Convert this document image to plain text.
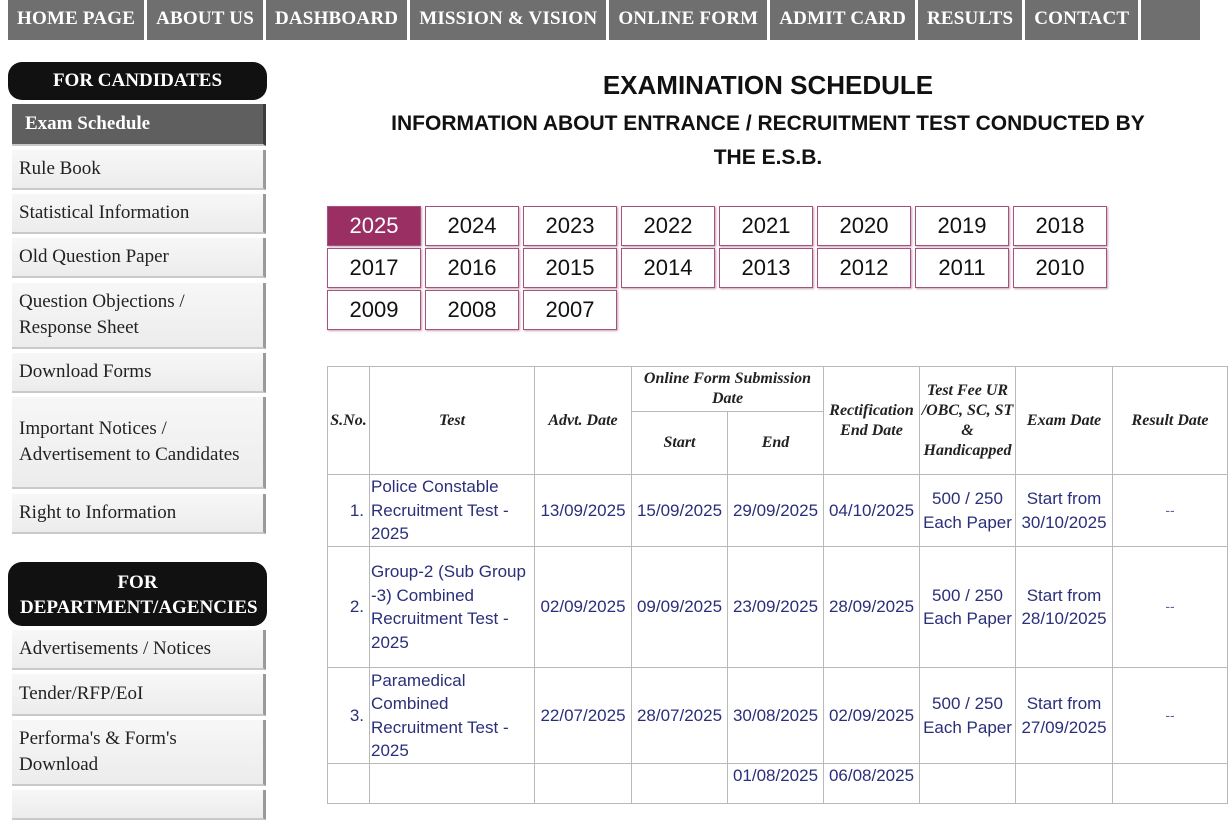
HOME PAGE	ABOUT US	DASHBOARD	MISSION & VISION	ONLINE FORM	ADMIT CARD	RESULTS	CONTACT
FOR CANDIDATES
Exam Schedule
Rule Book
Statistical Information
Old Question Paper
Question Objections / Response Sheet
Download Forms
Important Notices / Advertisement to Candidates
Right to Information
FOR
DEPARTMENT/AGENCIES
Advertisements / Notices
Tender/RFP/EoI
Performa's & Form's Download
EXAMINATION SCHEDULE
INFORMATION ABOUT ENTRANCE / RECRUITMENT TEST CONDUCTED BY
THE E.S.B.
2025	2024	2023	2022	2021	2020	2019	2018
2017	2016	2015	2014	2013	2012	2011	2010
2009	2008	2007
S.No.	Test	Advt. Date	Online Form Submission Date		Rectification End Date	Test Fee UR /OBC, SC, ST & Handicapped	Exam Date	Result Date
			Start	End				
1.	Police Constable Recruitment Test - 2025	13/09/2025	15/09/2025	29/09/2025	04/10/2025	500 / 250 Each Paper	Start from 30/10/2025	--
2.	Group-2 (Sub Group -3) Combined Recruitment Test - 2025	02/09/2025	09/09/2025	23/09/2025	28/09/2025	500 / 250 Each Paper	Start from 28/10/2025	--
3.	Paramedical Combined Recruitment Test - 2025	22/07/2025	28/07/2025	30/08/2025	02/09/2025	500 / 250 Each Paper	Start from 27/09/2025	--
				01/08/2025	06/08/2025			
